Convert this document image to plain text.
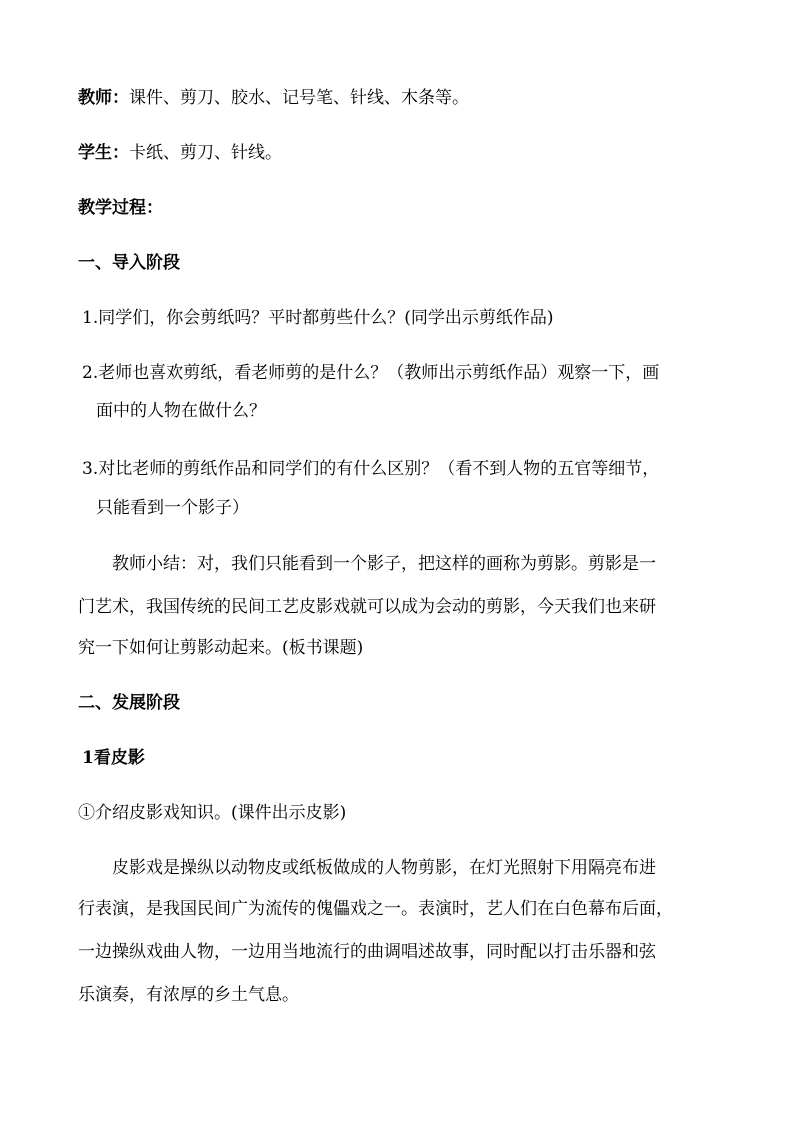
教师：课件、剪刀、胶水、记号笔、针线、木条等。
学生：卡纸、剪刀、针线。
教学过程：
一、导入阶段
1.同学们，你会剪纸吗？平时都剪些什么？(同学出示剪纸作品)
2.老师也喜欢剪纸，看老师剪的是什么？（教师出示剪纸作品）观察一下，画
面中的人物在做什么？
3.对比老师的剪纸作品和同学们的有什么区别？（看不到人物的五官等细节，
只能看到一个影子）
教师小结：对，我们只能看到一个影子，把这样的画称为剪影。剪影是一
门艺术，我国传统的民间工艺皮影戏就可以成为会动的剪影，今天我们也来研
究一下如何让剪影动起来。(板书课题)
二、发展阶段
1看皮影
①介绍皮影戏知识。(课件出示皮影)
皮影戏是操纵以动物皮或纸板做成的人物剪影，在灯光照射下用隔亮布进
行表演，是我国民间广为流传的傀儡戏之一。表演时，艺人们在白色幕布后面，
一边操纵戏曲人物，一边用当地流行的曲调唱述故事，同时配以打击乐器和弦
乐演奏，有浓厚的乡土气息。
